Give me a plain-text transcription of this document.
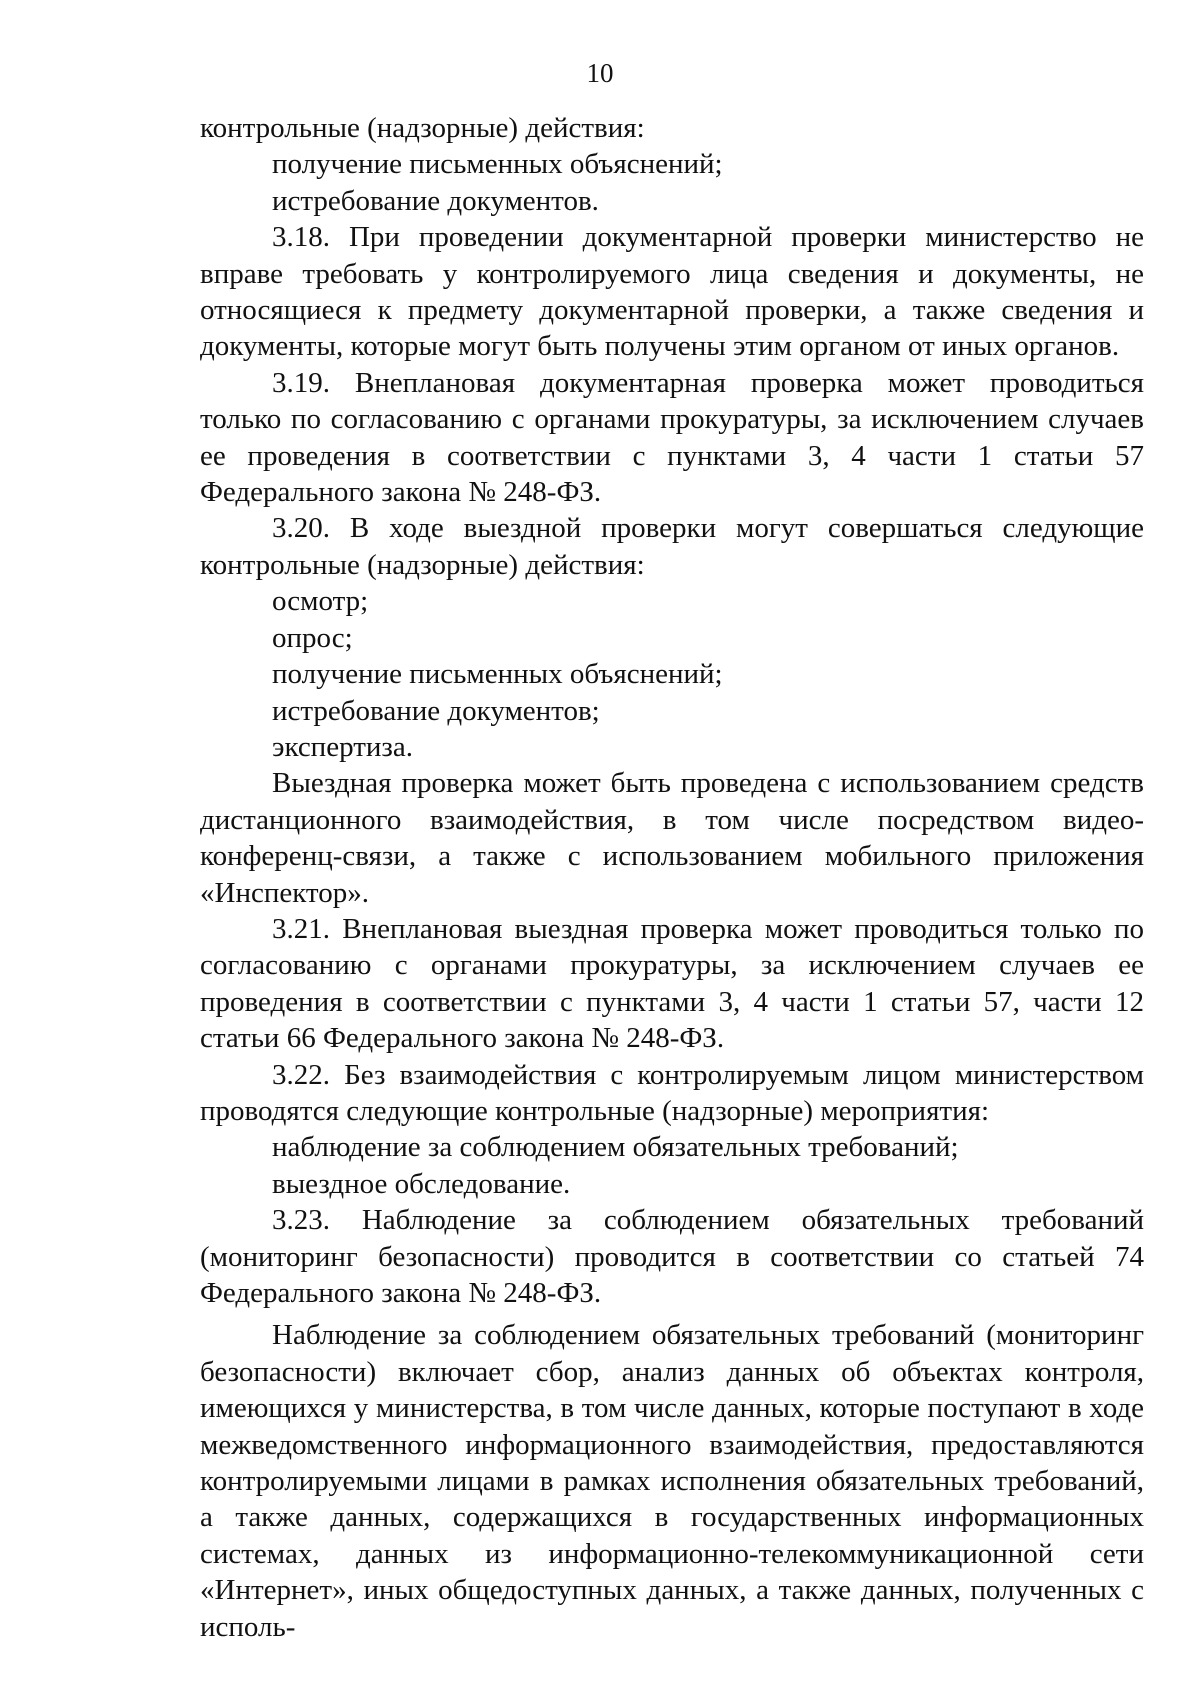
10

контрольные (надзорные) действия:

получение письменных объяснений;

истребование документов.

3.18. При проведении документарной проверки министерство не вправе требовать у контролируемого лица сведения и документы, не относящиеся к предмету документарной проверки, а также сведения и документы, которые могут быть получены этим органом от иных органов.

3.19. Внеплановая документарная проверка может проводиться только по согласованию с органами прокуратуры, за исключением случаев ее проведения в соответствии с пунктами 3, 4 части 1 статьи 57 Федерального закона № 248-ФЗ.

3.20. В ходе выездной проверки могут совершаться следующие контрольные (надзорные) действия:

осмотр;

опрос;

получение письменных объяснений;

истребование документов;

экспертиза.

Выездная проверка может быть проведена с использованием средств дистанционного взаимодействия, в том числе посредством видео-конференц-связи, а также с использованием мобильного приложения «Инспектор».

3.21. Внеплановая выездная проверка может проводиться только по согласованию с органами прокуратуры, за исключением случаев ее проведения в соответствии с пунктами 3, 4 части 1 статьи 57, части 12 статьи 66 Федерального закона № 248-ФЗ.

3.22. Без взаимодействия с контролируемым лицом министерством проводятся следующие контрольные (надзорные) мероприятия:

наблюдение за соблюдением обязательных требований;

выездное обследование.

3.23. Наблюдение за соблюдением обязательных требований (мониторинг безопасности) проводится в соответствии со статьей 74 Федерального закона № 248-ФЗ.

Наблюдение за соблюдением обязательных требований (мониторинг безопасности) включает сбор, анализ данных об объектах контроля, имеющихся у министерства, в том числе данных, которые поступают в ходе межведомственного информационного взаимодействия, предоставляются контролируемыми лицами в рамках исполнения обязательных требований, а также данных, содержащихся в государственных информационных системах, данных из информационно-телекоммуникационной сети «Интернет», иных общедоступных данных, а также данных, полученных с исполь-
